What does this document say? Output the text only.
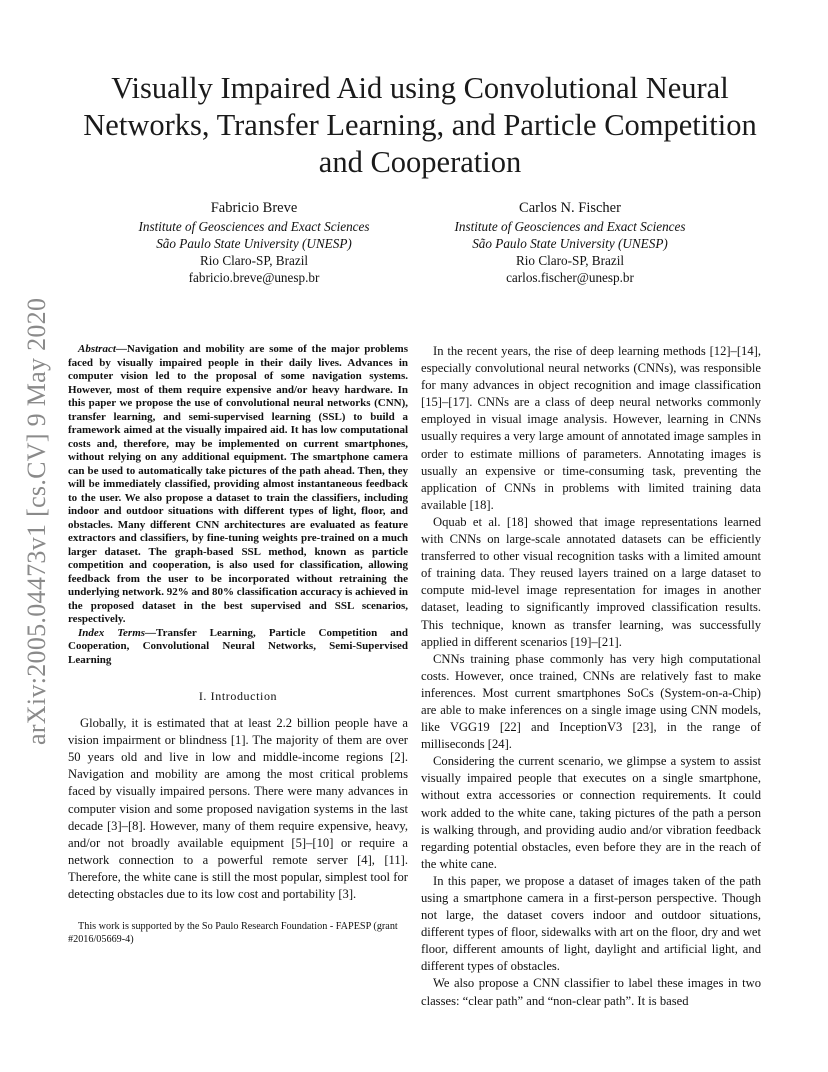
arXiv:2005.04473v1 [cs.CV] 9 May 2020
Visually Impaired Aid using Convolutional Neural Networks, Transfer Learning, and Particle Competition and Cooperation
Fabricio Breve
Institute of Geosciences and Exact Sciences
São Paulo State University (UNESP)
Rio Claro-SP, Brazil
fabricio.breve@unesp.br
Carlos N. Fischer
Institute of Geosciences and Exact Sciences
São Paulo State University (UNESP)
Rio Claro-SP, Brazil
carlos.fischer@unesp.br

Abstract—Navigation and mobility are some of the major problems faced by visually impaired people in their daily lives. Advances in computer vision led to the proposal of some navigation systems. However, most of them require expensive and/or heavy hardware. In this paper we propose the use of convolutional neural networks (CNN), transfer learning, and semi-supervised learning (SSL) to build a framework aimed at the visually impaired aid. It has low computational costs and, therefore, may be implemented on current smartphones, without relying on any additional equipment. The smartphone camera can be used to automatically take pictures of the path ahead. Then, they will be immediately classified, providing almost instantaneous feedback to the user. We also propose a dataset to train the classifiers, including indoor and outdoor situations with different types of light, floor, and obstacles. Many different CNN architectures are evaluated as feature extractors and classifiers, by fine-tuning weights pre-trained on a much larger dataset. The graph-based SSL method, known as particle competition and cooperation, is also used for classification, allowing feedback from the user to be incorporated without retraining the underlying network. 92% and 80% classification accuracy is achieved in the proposed dataset in the best supervised and SSL scenarios, respectively.

Index Terms—Transfer Learning, Particle Competition and Cooperation, Convolutional Neural Networks, Semi-Supervised Learning

I. Introduction

Globally, it is estimated that at least 2.2 billion people have a vision impairment or blindness [1]. The majority of them are over 50 years old and live in low and middle-income regions [2]. Navigation and mobility are among the most critical problems faced by visually impaired persons. There were many advances in computer vision and some proposed navigation systems in the last decade [3]–[8]. However, many of them require expensive, heavy, and/or not broadly available equipment [5]–[10] or require a network connection to a powerful remote server [4], [11]. Therefore, the white cane is still the most popular, simplest tool for detecting obstacles due to its low cost and portability [3].

This work is supported by the So Paulo Research Foundation - FAPESP (grant #2016/05669-4)

In the recent years, the rise of deep learning methods [12]–[14], especially convolutional neural networks (CNNs), was responsible for many advances in object recognition and image classification [15]–[17]. CNNs are a class of deep neural networks commonly employed in visual image analysis. However, learning in CNNs usually requires a very large amount of annotated image samples in order to estimate millions of parameters. Annotating images is usually an expensive or time-consuming task, preventing the application of CNNs in problems with limited training data available [18].

Oquab et al. [18] showed that image representations learned with CNNs on large-scale annotated datasets can be efficiently transferred to other visual recognition tasks with a limited amount of training data. They reused layers trained on a large dataset to compute mid-level image representation for images in another dataset, leading to significantly improved classification results. This technique, known as transfer learning, was successfully applied in different scenarios [19]–[21].

CNNs training phase commonly has very high computational costs. However, once trained, CNNs are relatively fast to make inferences. Most current smartphones SoCs (System-on-a-Chip) are able to make inferences on a single image using CNN models, like VGG19 [22] and InceptionV3 [23], in the range of milliseconds [24].

Considering the current scenario, we glimpse a system to assist visually impaired people that executes on a single smartphone, without extra accessories or connection requirements. It could work added to the white cane, taking pictures of the path a person is walking through, and providing audio and/or vibration feedback regarding potential obstacles, even before they are in the reach of the white cane.

In this paper, we propose a dataset of images taken of the path using a smartphone camera in a first-person perspective. Though not large, the dataset covers indoor and outdoor situations, different types of floor, sidewalks with art on the floor, dry and wet floor, different amounts of light, daylight and artificial light, and different types of obstacles.

We also propose a CNN classifier to label these images in two classes: “clear path” and “non-clear path”. It is based
